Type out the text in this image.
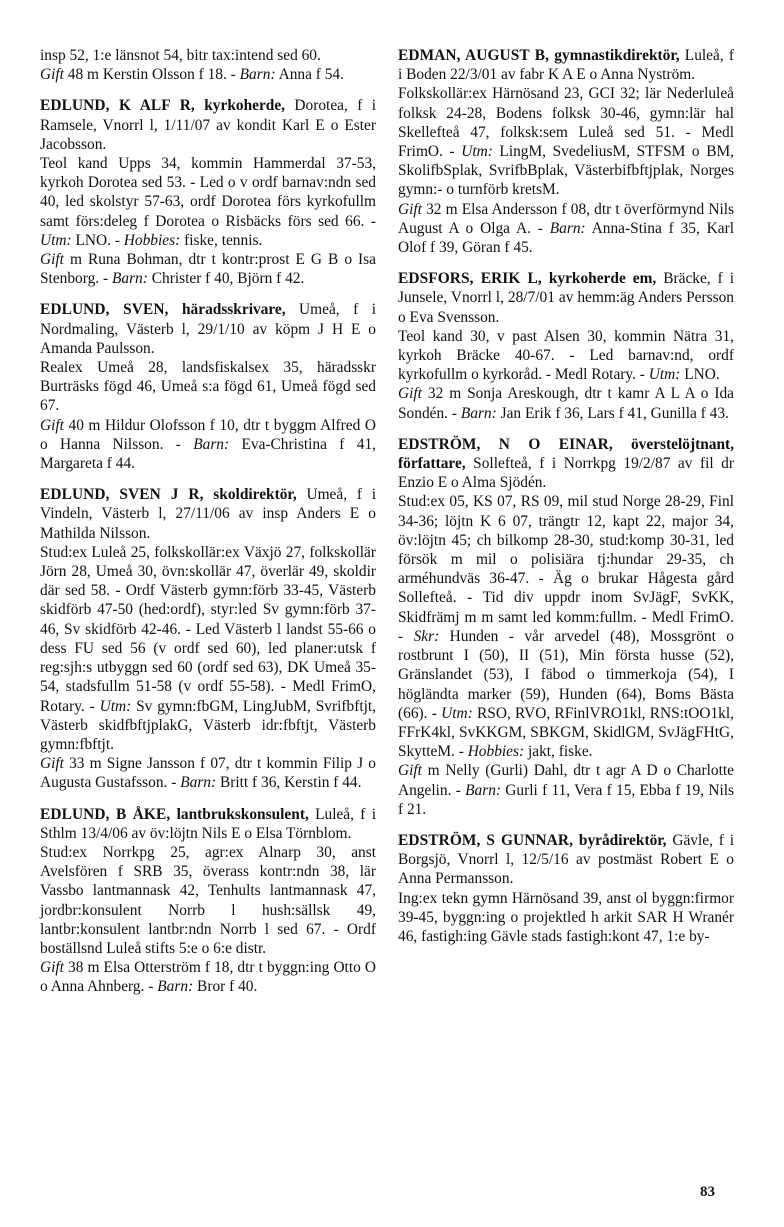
insp 52, 1:e länsnot 54, bitr tax:intend sed 60.

Gift 48 m Kerstin Olsson f 18. - Barn: Anna f 54.

EDLUND, K ALF R, kyrkoherde, Dorotea, f i Ramsele, Vnorrl l, 1/11/07 av kondit Karl E o Ester Jacobsson.

Teol kand Upps 34, kommin Hammerdal 37-53, kyrkoh Dorotea sed 53. - Led o v ordf barnav:ndn sed 40, led skolstyr 57-63, ordf Dorotea förs kyrkofullm samt förs:deleg f Dorotea o Risbäcks förs sed 66. - Utm: LNO. - Hobbies: fiske, tennis.

Gift m Runa Bohman, dtr t kontr:prost E G B o Isa Stenborg. - Barn: Christer f 40, Björn f 42.

EDLUND, SVEN, häradsskrivare, Umeå, f i Nordmaling, Västerb l, 29/1/10 av köpm J H E o Amanda Paulsson.

Realex Umeå 28, landsfiskalsex 35, häradsskr Burträsks fögd 46, Umeå s:a fögd 61, Umeå fögd sed 67.

Gift 40 m Hildur Olofsson f 10, dtr t byggm Alfred O o Hanna Nilsson. - Barn: Eva-Christina f 41, Margareta f 44.

EDLUND, SVEN J R, skoldirektör, Umeå, f i Vindeln, Västerb l, 27/11/06 av insp Anders E o Mathilda Nilsson.

Stud:ex Luleå 25, folkskollär:ex Växjö 27, folkskollär Jörn 28, Umeå 30, övn:skollär 47, överlär 49, skoldir där sed 58. - Ordf Västerb gymn:förb 33-45, Västerb skidförb 47-50 (hed:ordf), styr:led Sv gymn:förb 37-46, Sv skidförb 42-46. - Led Västerb l landst 55-66 o dess FU sed 56 (v ordf sed 60), led planer:utsk f reg:sjh:s utbyggn sed 60 (ordf sed 63), DK Umeå 35-54, stadsfullm 51-58 (v ordf 55-58). - Medl FrimO, Rotary. - Utm: Sv gymn:fbGM, LingJubM, Svrifbftjt, Västerb skidfbftjplakG, Västerb idr:fbftjt, Västerb gymn:fbftjt.

Gift 33 m Signe Jansson f 07, dtr t kommin Filip J o Augusta Gustafsson. - Barn: Britt f 36, Kerstin f 44.

EDLUND, B ÅKE, lantbrukskonsulent, Luleå, f i Sthlm 13/4/06 av öv:löjtn Nils E o Elsa Törnblom.

Stud:ex Norrkpg 25, agr:ex Alnarp 30, anst Avelsfören f SRB 35, överass kontr:ndn 38, lär Vassbo lantmannask 42, Tenhults lantmannask 47, jordbr:konsulent Norrb l hush:sällsk 49, lantbr:konsulent lantbr:ndn Norrb l sed 67. - Ordf boställsnd Luleå stifts 5:e o 6:e distr.

Gift 38 m Elsa Otterström f 18, dtr t byggn:ing Otto O o Anna Ahnberg. - Barn: Bror f 40.

EDMAN, AUGUST B, gymnastikdirektör, Luleå, f i Boden 22/3/01 av fabr K A E o Anna Nyström.

Folkskollär:ex Härnösand 23, GCI 32; lär Nederluleå folksk 24-28, Bodens folksk 30-46, gymn:lär hal Skellefteå 47, folksk:sem Luleå sed 51. - Medl FrimO. - Utm: LingM, SvedeliusM, STFSM o BM, SkolifbSplak, SvrifbBplak, Västerbifbftjplak, Norges gymn:- o turnförb kretsM.

Gift 32 m Elsa Andersson f 08, dtr t överförmynd Nils August A o Olga A. - Barn: Anna-Stina f 35, Karl Olof f 39, Göran f 45.

EDSFORS, ERIK L, kyrkoherde em, Bräcke, f i Junsele, Vnorrl l, 28/7/01 av hemm:äg Anders Persson o Eva Svensson.

Teol kand 30, v past Alsen 30, kommin Nätra 31, kyrkoh Bräcke 40-67. - Led barnav:nd, ordf kyrkofullm o kyrkoråd. - Medl Rotary. - Utm: LNO.

Gift 32 m Sonja Areskough, dtr t kamr A L A o Ida Sondén. - Barn: Jan Erik f 36, Lars f 41, Gunilla f 43.

EDSTRÖM, N O EINAR, överstelöjtnant, författare, Sollefteå, f i Norrkpg 19/2/87 av fil dr Enzio E o Alma Sjödén.

Stud:ex 05, KS 07, RS 09, mil stud Norge 28-29, Finl 34-36; löjtn K 6 07, trängtr 12, kapt 22, major 34, öv:löjtn 45; ch bilkomp 28-30, stud:komp 30-31, led försök m mil o polisiära tj:hundar 29-35, ch arméhundväs 36-47. - Äg o brukar Hågesta gård Sollefteå. - Tid div uppdr inom SvJägF, SvKK, Skidfrämj m m samt led komm:fullm. - Medl FrimO. - Skr: Hunden - vår arvedel (48), Mossgrönt o rostbrunt I (50), II (51), Min första husse (52), Gränslandet (53), I fäbod o timmerkoja (54), I högländta marker (59), Hunden (64), Boms Bästa (66). - Utm: RSO, RVO, RFinlVRO1kl, RNS:tOO1kl, FFrK4kl, SvKKGM, SBKGM, SkidlGM, SvJägFHtG, SkytteM. - Hobbies: jakt, fiske.

Gift m Nelly (Gurli) Dahl, dtr t agr A D o Charlotte Angelin. - Barn: Gurli f 11, Vera f 15, Ebba f 19, Nils f 21.

EDSTRÖM, S GUNNAR, byrådirektör, Gävle, f i Borgsjö, Vnorrl l, 12/5/16 av postmäst Robert E o Anna Permansson.

Ing:ex tekn gymn Härnösand 39, anst ol byggn:firmor 39-45, byggn:ing o projektled h arkit SAR H Wranér 46, fastigh:ing Gävle stads fastigh:kont 47, 1:e by-

83
